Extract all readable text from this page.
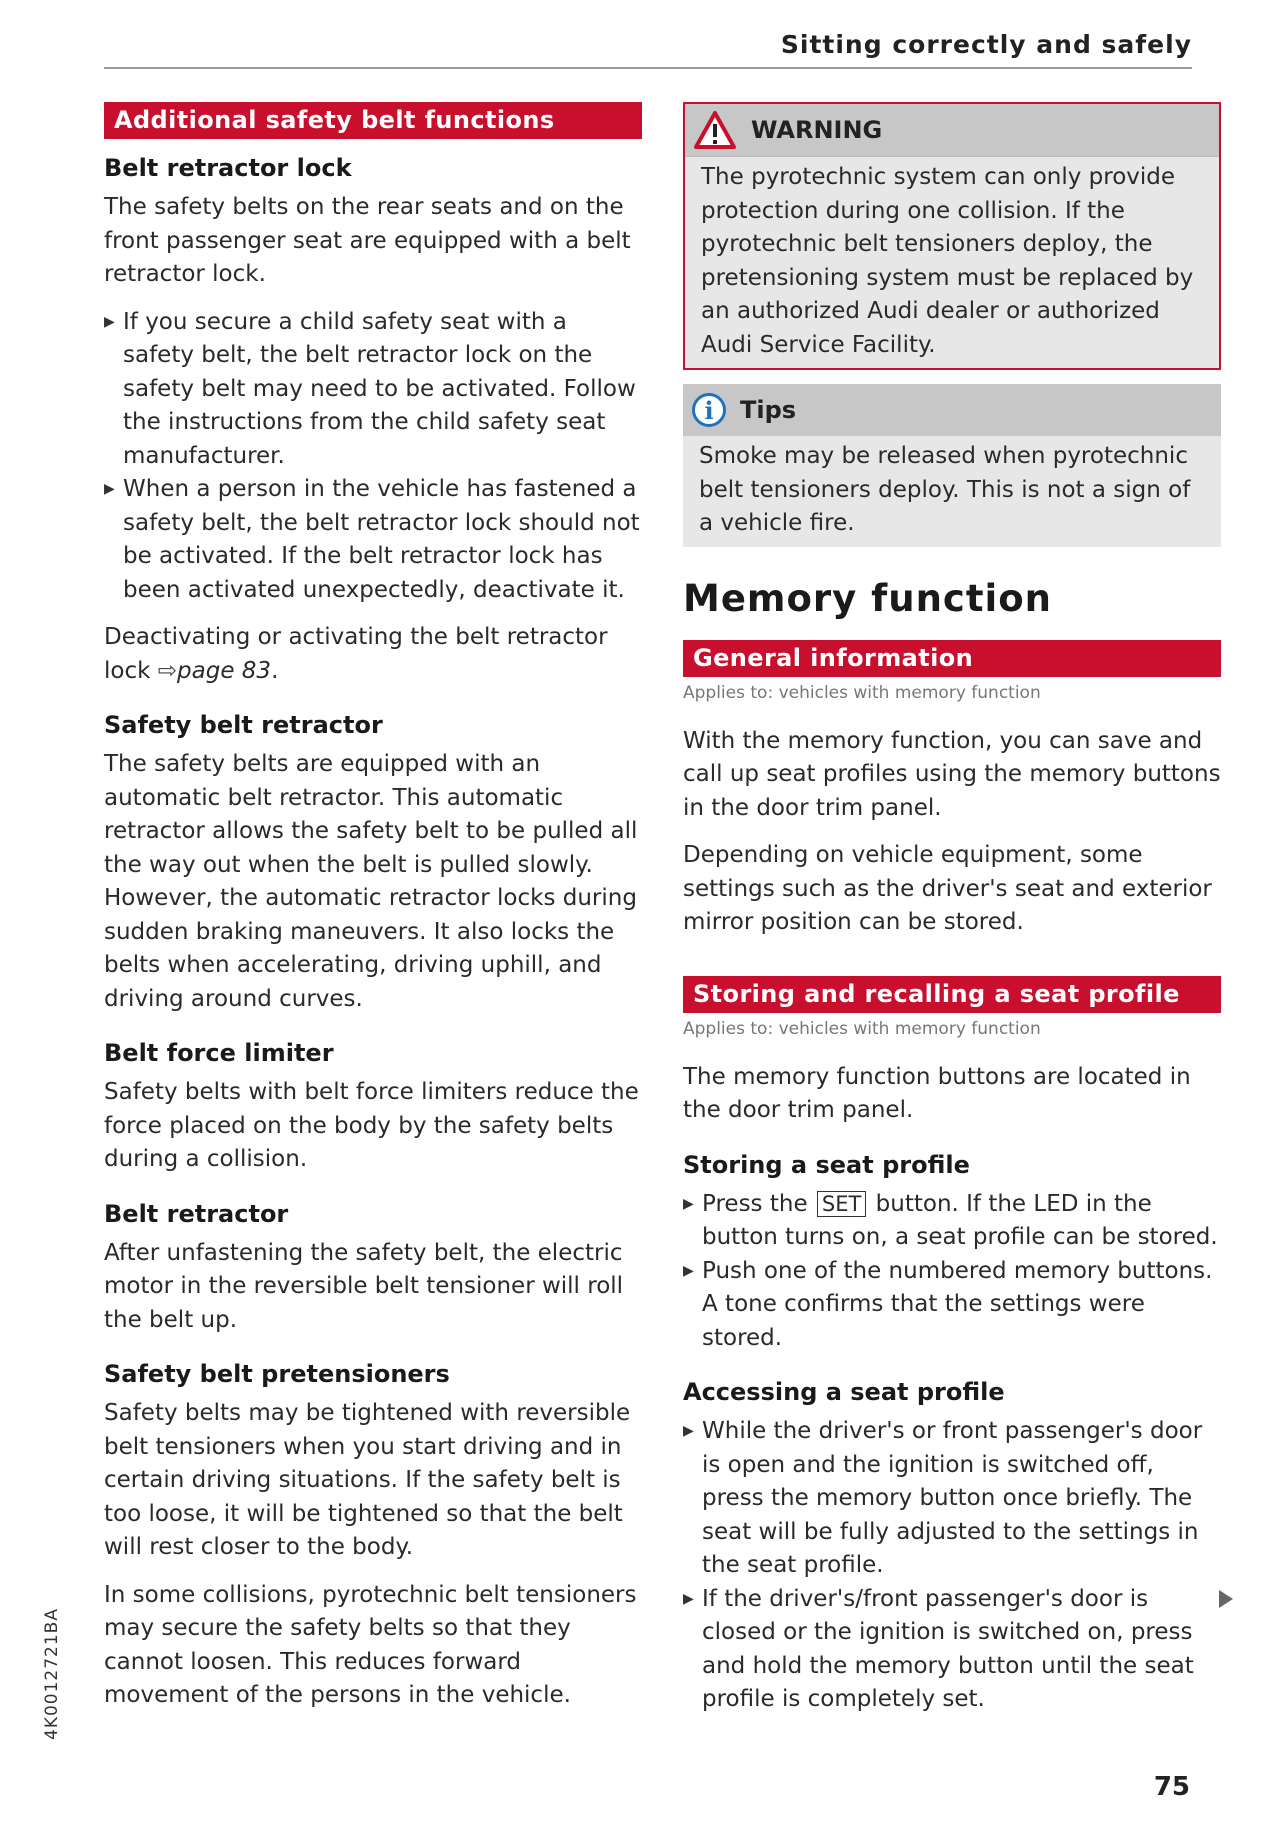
Sitting correctly and safely
Additional safety belt functions
Belt retractor lock

The safety belts on the rear seats and on the front passenger seat are equipped with a belt retractor lock.

▶ If you secure a child safety seat with a safety belt, the belt retractor lock on the safety belt may need to be activated. Follow the instructions from the child safety seat manufacturer.
▶ When a person in the vehicle has fastened a safety belt, the belt retractor lock should not be activated. If the belt retractor lock has been activated unexpectedly, deactivate it.

Deactivating or activating the belt retractor lock ⇨page 83.

Safety belt retractor

The safety belts are equipped with an automatic belt retractor. This automatic retractor allows the safety belt to be pulled all the way out when the belt is pulled slowly. However, the automatic retractor locks during sudden braking maneuvers. It also locks the belts when accelerating, driving uphill, and driving around curves.

Belt force limiter

Safety belts with belt force limiters reduce the force placed on the body by the safety belts during a collision.

Belt retractor

After unfastening the safety belt, the electric motor in the reversible belt tensioner will roll the belt up.

Safety belt pretensioners

Safety belts may be tightened with reversible belt tensioners when you start driving and in certain driving situations. If the safety belt is too loose, it will be tightened so that the belt will rest closer to the body.

In some collisions, pyrotechnic belt tensioners may secure the safety belts so that they cannot loosen. This reduces forward movement of the persons in the vehicle.

WARNING

The pyrotechnic system can only provide protection during one collision. If the pyrotechnic belt tensioners deploy, the pretensioning system must be replaced by an authorized Audi dealer or authorized Audi Service Facility.

i	Tips

Smoke may be released when pyrotechnic belt tensioners deploy. This is not a sign of a vehicle fire.

Memory function
General information
Applies to: vehicles with memory function

With the memory function, you can save and call up seat profiles using the memory buttons in the door trim panel.

Depending on vehicle equipment, some settings such as the driver's seat and exterior mirror position can be stored.

Storing and recalling a seat profile
Applies to: vehicles with memory function

The memory function buttons are located in the door trim panel.

Storing a seat profile
▶ Press the SET button. If the LED in the button turns on, a seat profile can be stored.
▶ Push one of the numbered memory buttons. A tone confirms that the settings were stored.
Accessing a seat profile
▶ While the driver's or front passenger's door is open and the ignition is switched off, press the memory button once briefly. The seat will be fully adjusted to the settings in the seat profile.
▶ If the driver's/front passenger's door is closed or the ignition is switched on, press and hold the memory button until the seat profile is completely set.
4K0012721BA
75
